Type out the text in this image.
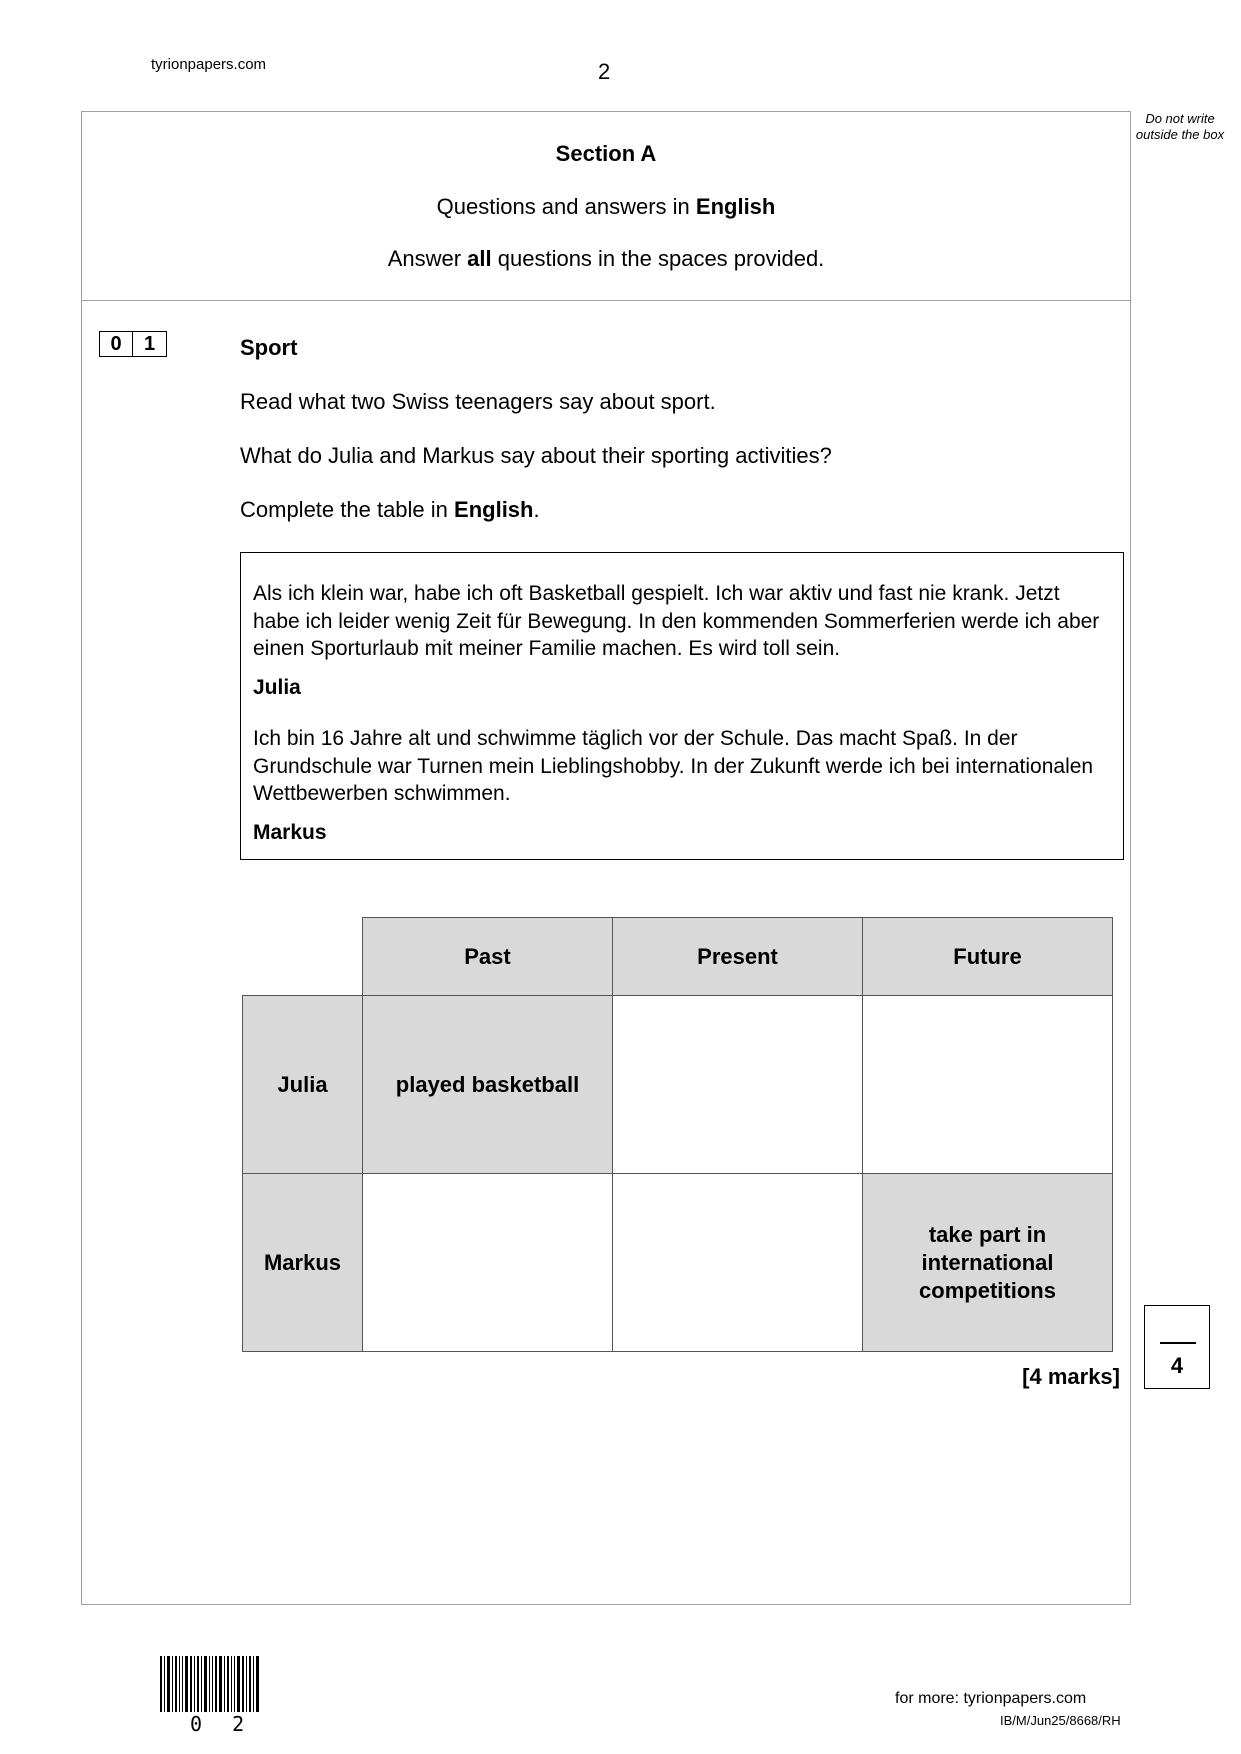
tyrionpapers.com	2
Do not write outside the box
Section A
Questions and answers in English
Answer all questions in the spaces provided.
0	1	Sport
Read what two Swiss teenagers say about sport.
What do Julia and Markus say about their sporting activities?
Complete the table in English.

Als ich klein war, habe ich oft Basketball gespielt. Ich war aktiv und fast nie krank. Jetzt habe ich leider wenig Zeit für Bewegung. In den kommenden Sommerferien werde ich aber einen Sporturlaub mit meiner Familie machen. Es wird toll sein.

Julia

Ich bin 16 Jahre alt und schwimme täglich vor der Schule. Das macht Spaß. In der Grundschule war Turnen mein Lieblingshobby. In der Zukunft werde ich bei internationalen Wettbewerben schwimmen.

Markus

	Past	Present	Future
Julia	played basketball		
Markus			take part in international competitions
[4 marks]	4
0 2
for more: tyrionpapers.com
IB/M/Jun25/8668/RH
